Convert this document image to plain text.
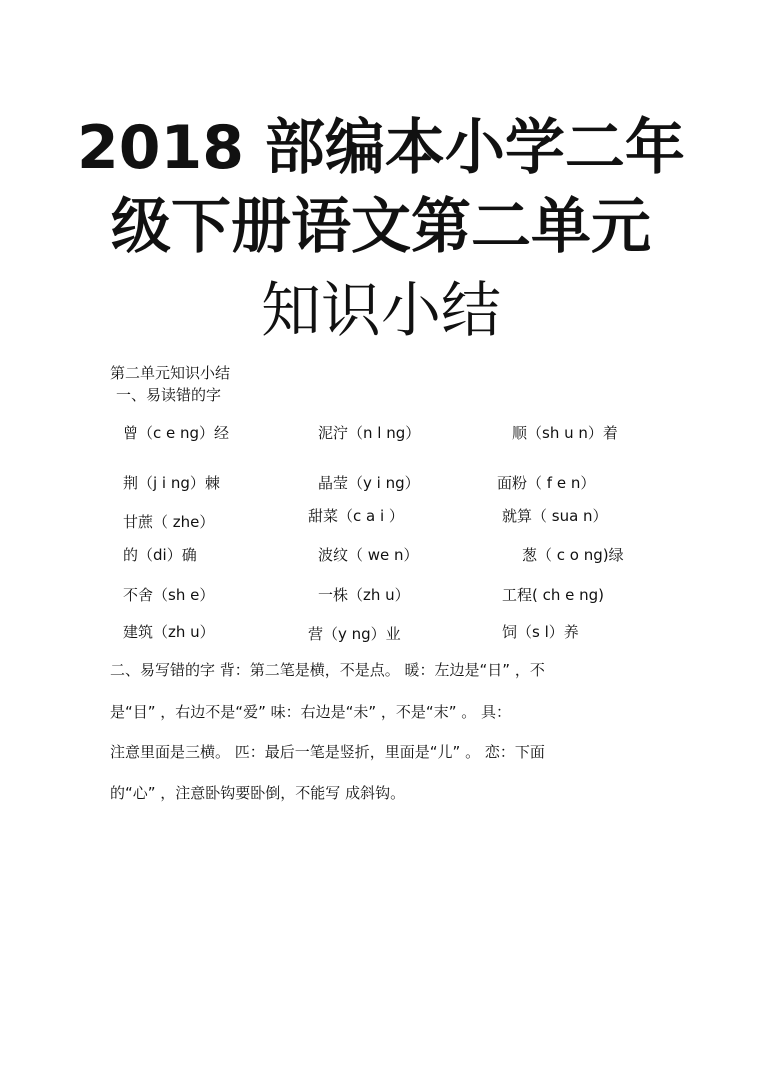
2018 部编本小学二年
级下册语文第二单元
知识小结
第二单元知识小结
一、易读错的字
曾（c e ng）经	泥泞（n l ng）	顺（sh u n）着
荆（j i ng）棘	晶莹（y i ng）	面粉（ f e n）
甘蔗（ zhe）	甜菜（c a i ）	就算（ sua n）
的（di）确	波纹（ we n）	葱（ c o ng)绿
不舍（sh e）	一株（zh u）	工程( ch e ng)
建筑（zh u）	营（y ng）业	饲（s l）养
二、易写错的字 背：第二笔是横，不是点。 暖：左边是“日” ，不
是“目” ，右边不是“爱” 味：右边是“未” ，不是“末” 。 具：
注意里面是三横。 匹：最后一笔是竖折，里面是“儿” 。 恋：下面
的“心” ，注意卧钩要卧倒，不能写 成斜钩。
